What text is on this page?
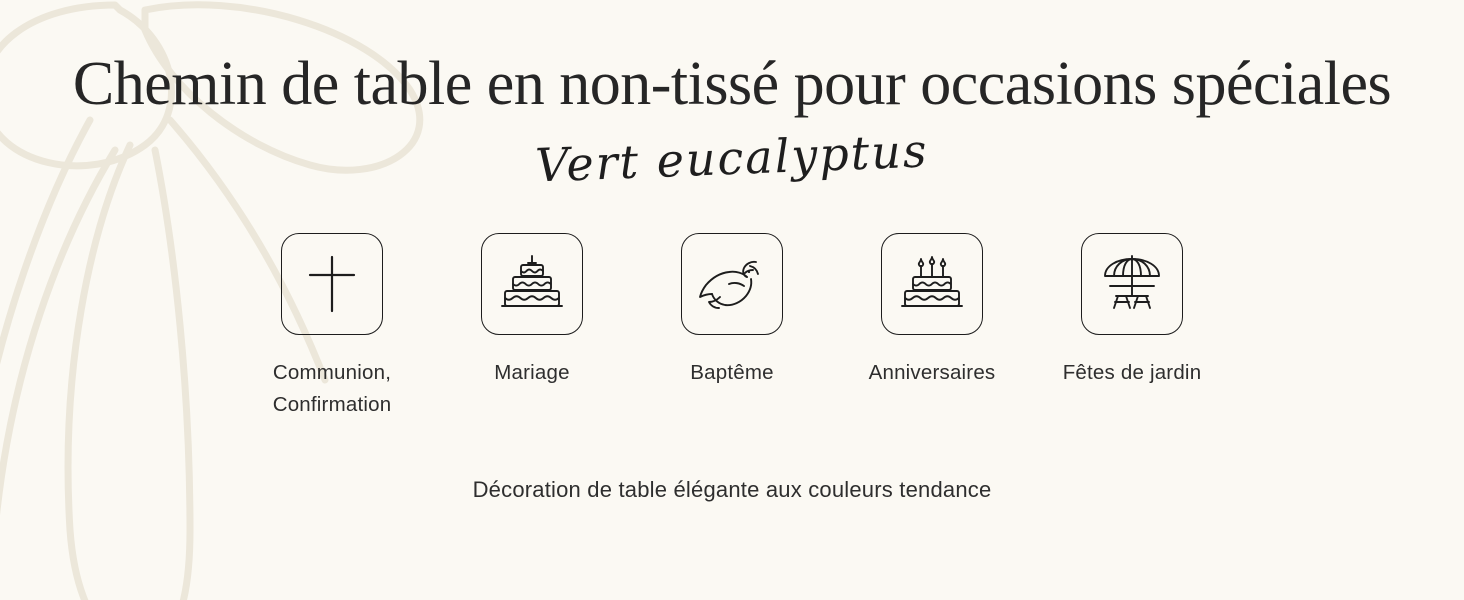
Chemin de table en non-tissé pour occasions spéciales
Vert eucalyptus
Communion, Confirmation
Mariage	Baptême	Anniversaires	Fêtes de jardin
Décoration de table élégante aux couleurs tendance
